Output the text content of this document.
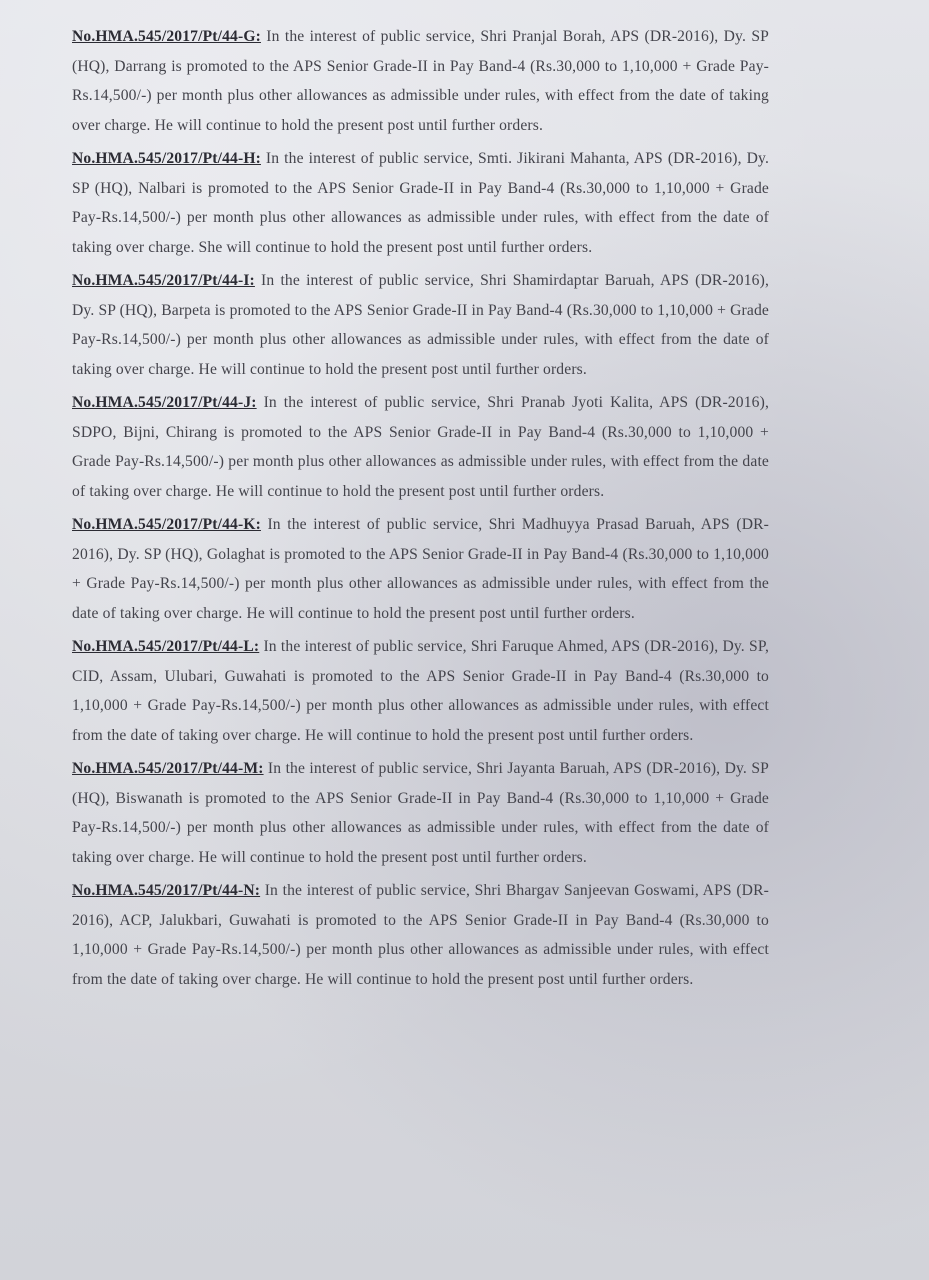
No.HMA.545/2017/Pt/44-G: In the interest of public service, Shri Pranjal Borah, APS (DR-2016), Dy. SP (HQ), Darrang is promoted to the APS Senior Grade-II in Pay Band-4 (Rs.30,000 to 1,10,000 + Grade Pay-Rs.14,500/-) per month plus other allowances as admissible under rules, with effect from the date of taking over charge. He will continue to hold the present post until further orders.

No.HMA.545/2017/Pt/44-H: In the interest of public service, Smti. Jikirani Mahanta, APS (DR-2016), Dy. SP (HQ), Nalbari is promoted to the APS Senior Grade-II in Pay Band-4 (Rs.30,000 to 1,10,000 + Grade Pay-Rs.14,500/-) per month plus other allowances as admissible under rules, with effect from the date of taking over charge. She will continue to hold the present post until further orders.

No.HMA.545/2017/Pt/44-I: In the interest of public service, Shri Shamirdaptar Baruah, APS (DR-2016), Dy. SP (HQ), Barpeta is promoted to the APS Senior Grade-II in Pay Band-4 (Rs.30,000 to 1,10,000 + Grade Pay-Rs.14,500/-) per month plus other allowances as admissible under rules, with effect from the date of taking over charge. He will continue to hold the present post until further orders.

No.HMA.545/2017/Pt/44-J: In the interest of public service, Shri Pranab Jyoti Kalita, APS (DR-2016), SDPO, Bijni, Chirang is promoted to the APS Senior Grade-II in Pay Band-4 (Rs.30,000 to 1,10,000 + Grade Pay-Rs.14,500/-) per month plus other allowances as admissible under rules, with effect from the date of taking over charge. He will continue to hold the present post until further orders.

No.HMA.545/2017/Pt/44-K: In the interest of public service, Shri Madhuyya Prasad Baruah, APS (DR-2016), Dy. SP (HQ), Golaghat is promoted to the APS Senior Grade-II in Pay Band-4 (Rs.30,000 to 1,10,000 + Grade Pay-Rs.14,500/-) per month plus other allowances as admissible under rules, with effect from the date of taking over charge. He will continue to hold the present post until further orders.

No.HMA.545/2017/Pt/44-L: In the interest of public service, Shri Faruque Ahmed, APS (DR-2016), Dy. SP, CID, Assam, Ulubari, Guwahati is promoted to the APS Senior Grade-II in Pay Band-4 (Rs.30,000 to 1,10,000 + Grade Pay-Rs.14,500/-) per month plus other allowances as admissible under rules, with effect from the date of taking over charge. He will continue to hold the present post until further orders.

No.HMA.545/2017/Pt/44-M: In the interest of public service, Shri Jayanta Baruah, APS (DR-2016), Dy. SP (HQ), Biswanath is promoted to the APS Senior Grade-II in Pay Band-4 (Rs.30,000 to 1,10,000 + Grade Pay-Rs.14,500/-) per month plus other allowances as admissible under rules, with effect from the date of taking over charge. He will continue to hold the present post until further orders.

No.HMA.545/2017/Pt/44-N: In the interest of public service, Shri Bhargav Sanjeevan Goswami, APS (DR-2016), ACP, Jalukbari, Guwahati is promoted to the APS Senior Grade-II in Pay Band-4 (Rs.30,000 to 1,10,000 + Grade Pay-Rs.14,500/-) per month plus other allowances as admissible under rules, with effect from the date of taking over charge. He will continue to hold the present post until further orders.
